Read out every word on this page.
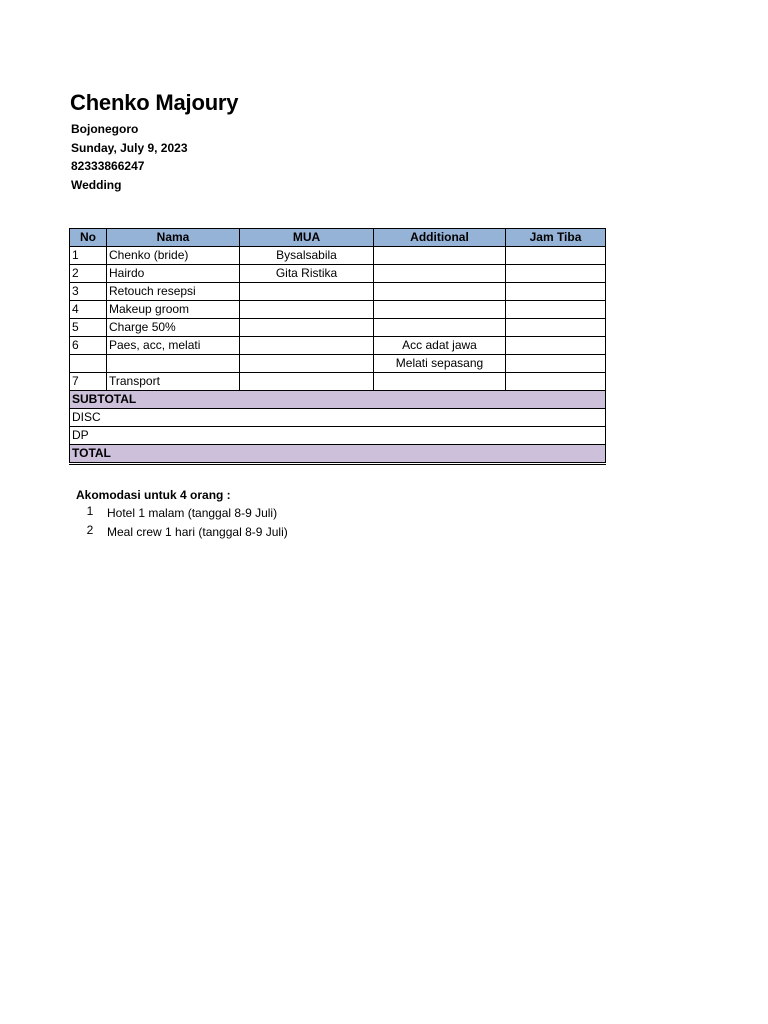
Chenko Majoury
Bojonegoro
Sunday, July 9, 2023
82333866247
Wedding
No	Nama	MUA	Additional	Jam Tiba
1	Chenko (bride)	Bysalsabila		
2	Hairdo	Gita Ristika		
3	Retouch resepsi			
4	Makeup groom			
5	Charge 50%			
6	Paes, acc, melati		Acc adat jawa	
			Melati sepasang	
7	Transport			
SUBTOTAL				
DISC				
DP				
TOTAL				
Akomodasi untuk 4 orang :
1 Hotel 1 malam (tanggal 8-9 Juli)
2 Meal crew 1 hari (tanggal 8-9 Juli)
